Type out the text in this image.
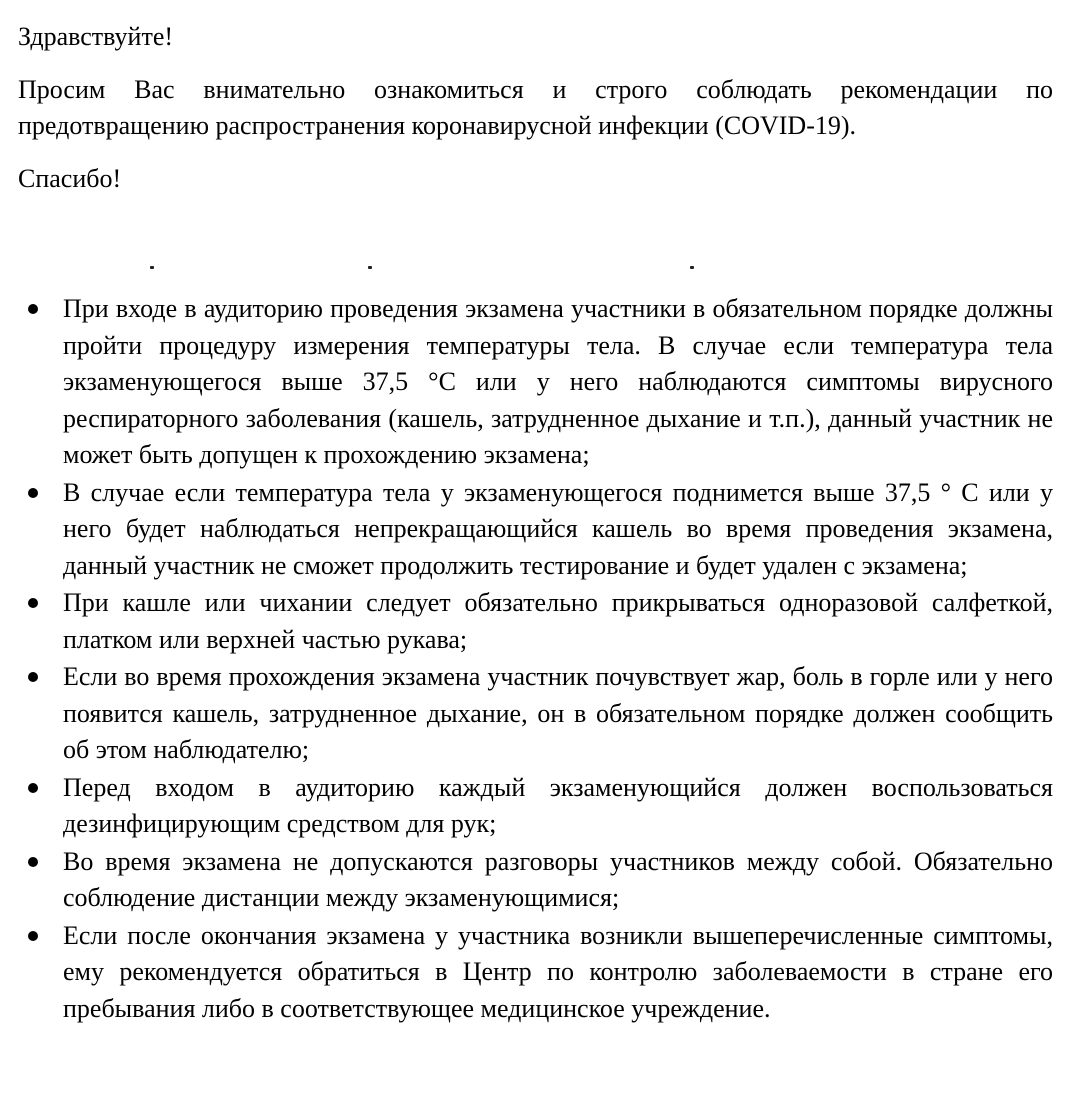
Здравствуйте!

Просим Вас внимательно ознакомиться и строго соблюдать рекомендации по предотвращению распространения коронавирусной инфекции (COVID-19).

Спасибо!

При входе в аудиторию проведения экзамена участники в обязательном порядке должны пройти процедуру измерения температуры тела. В случае если температура тела экзаменующегося выше 37,5 °С или у него наблюдаются симптомы вирусного респираторного заболевания (кашель, затрудненное дыхание и т.п.), данный участник не может быть допущен к прохождению экзамена;
В случае если температура тела у экзаменующегося поднимется выше 37,5 ° С или у него будет наблюдаться непрекращающийся кашель во время проведения экзамена, данный участник не сможет продолжить тестирование и будет удален с экзамена;
При кашле или чихании следует обязательно прикрываться одноразовой салфеткой, платком или верхней частью рукава;
Если во время прохождения экзамена участник почувствует жар, боль в горле или у него появится кашель, затрудненное дыхание, он в обязательном порядке должен сообщить об этом наблюдателю;
Перед входом в аудиторию каждый экзаменующийся должен воспользоваться дезинфицирующим средством для рук;
Во время экзамена не допускаются разговоры участников между собой. Обязательно соблюдение дистанции между экзаменующимися;
Если после окончания экзамена у участника возникли вышеперечисленные симптомы, ему рекомендуется обратиться в Центр по контролю заболеваемости в стране его пребывания либо в соответствующее медицинское учреждение.
